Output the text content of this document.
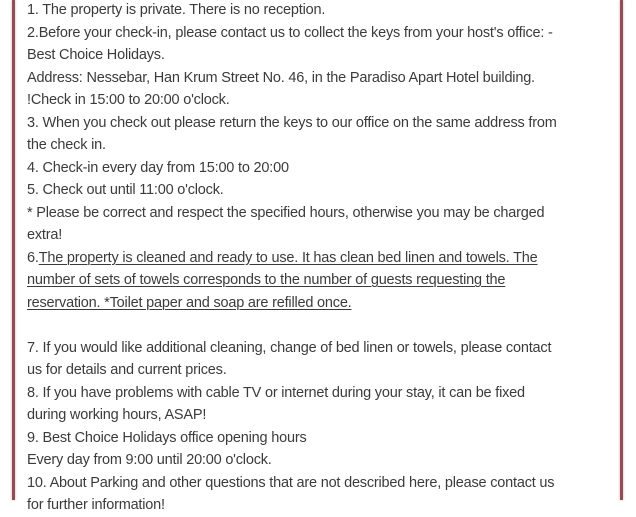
1. The property is private. There is no reception.
2.Before your check-in, please contact us to collect the keys from your host's office: -
Best Choice Holidays.
Address: Nessebar, Han Krum Street No. 46, in the Paradiso Apart Hotel building.
!Check in 15:00 to 20:00 o'clock.
3. When you check out please return the keys to our office on the same address from
the check in.
4. Check-in every day from 15:00 to 20:00
5. Check out until 11:00 o'clock.
* Please be correct and respect the specified hours, otherwise you may be charged
extra!
6.The property is cleaned and ready to use. It has clean bed linen and towels. The
number of sets of towels corresponds to the number of guests requesting the
reservation. *Toilet paper and soap are refilled once.
7. If you would like additional cleaning, change of bed linen or towels, please contact
us for details and current prices.
8. If you have problems with cable TV or internet during your stay, it can be fixed
during working hours, ASAP!
9. Best Choice Holidays office opening hours
Every day from 9:00 until 20:00 o'clock.
10. About Parking and other questions that are not described here, please contact us
for further information!
